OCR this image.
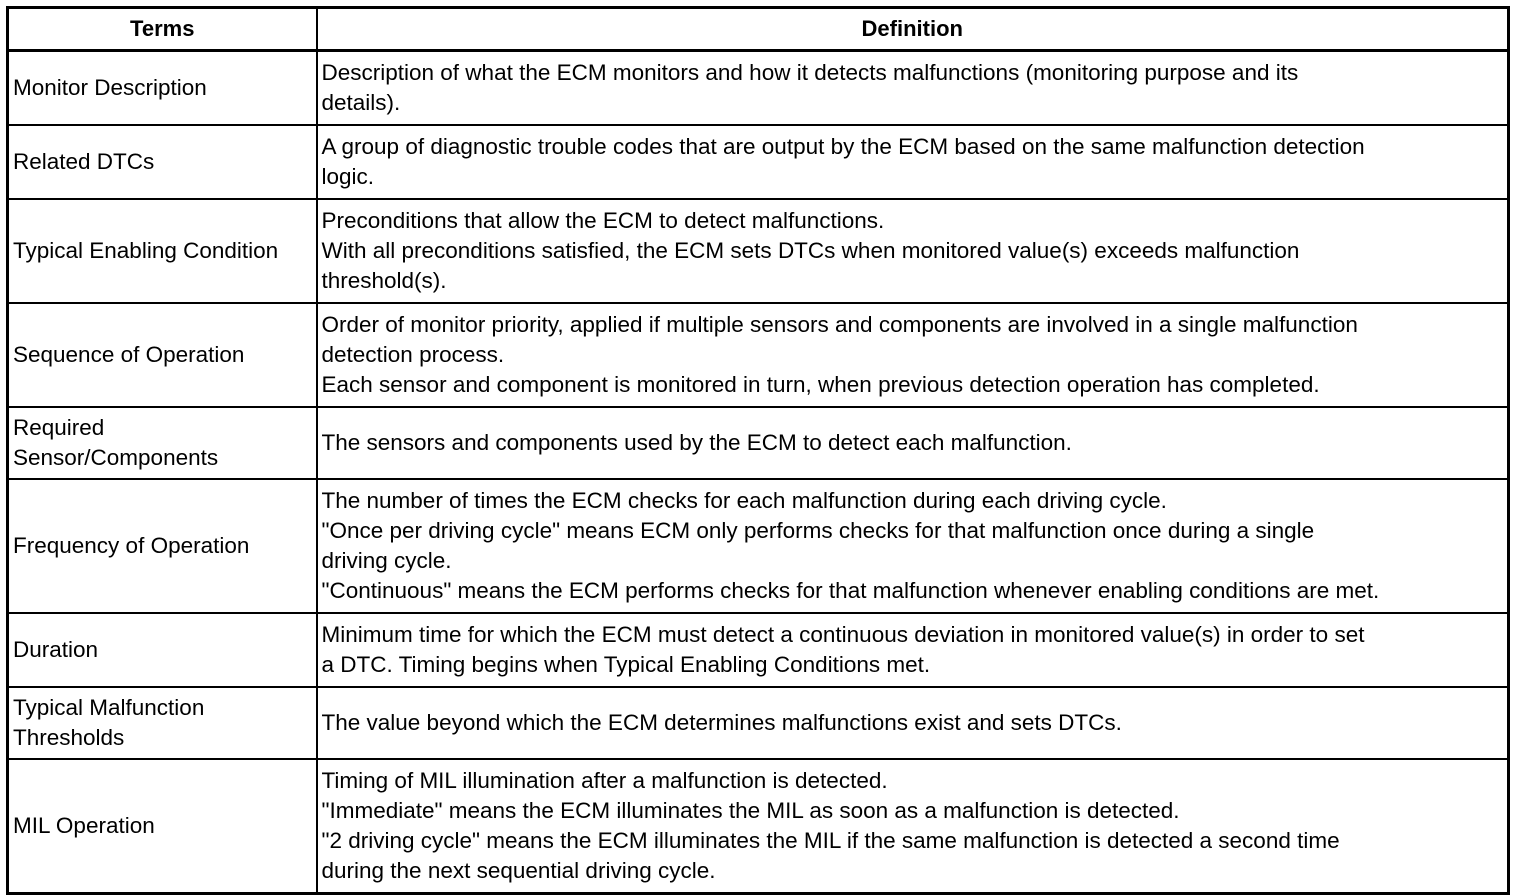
Terms	Definition

Monitor Description	Description of what the ECM monitors and how it detects malfunctions (monitoring purpose and its
details).

Related DTCs	A group of diagnostic trouble codes that are output by the ECM based on the same malfunction detection
logic.

Typical Enabling Condition	Preconditions that allow the ECM to detect malfunctions.
With all preconditions satisfied, the ECM sets DTCs when monitored value(s) exceeds malfunction
threshold(s).

Sequence of Operation	Order of monitor priority, applied if multiple sensors and components are involved in a single malfunction
detection process.
Each sensor and component is monitored in turn, when previous detection operation has completed.

Required
Sensor/Components	The sensors and components used by the ECM to detect each malfunction.

Frequency of Operation	The number of times the ECM checks for each malfunction during each driving cycle.
"Once per driving cycle" means ECM only performs checks for that malfunction once during a single
driving cycle.
"Continuous" means the ECM performs checks for that malfunction whenever enabling conditions are met.

Duration	Minimum time for which the ECM must detect a continuous deviation in monitored value(s) in order to set
a DTC. Timing begins when Typical Enabling Conditions met.

Typical Malfunction
Thresholds	The value beyond which the ECM determines malfunctions exist and sets DTCs.

MIL Operation	Timing of MIL illumination after a malfunction is detected.
"Immediate" means the ECM illuminates the MIL as soon as a malfunction is detected.
"2 driving cycle" means the ECM illuminates the MIL if the same malfunction is detected a second time
during the next sequential driving cycle.
